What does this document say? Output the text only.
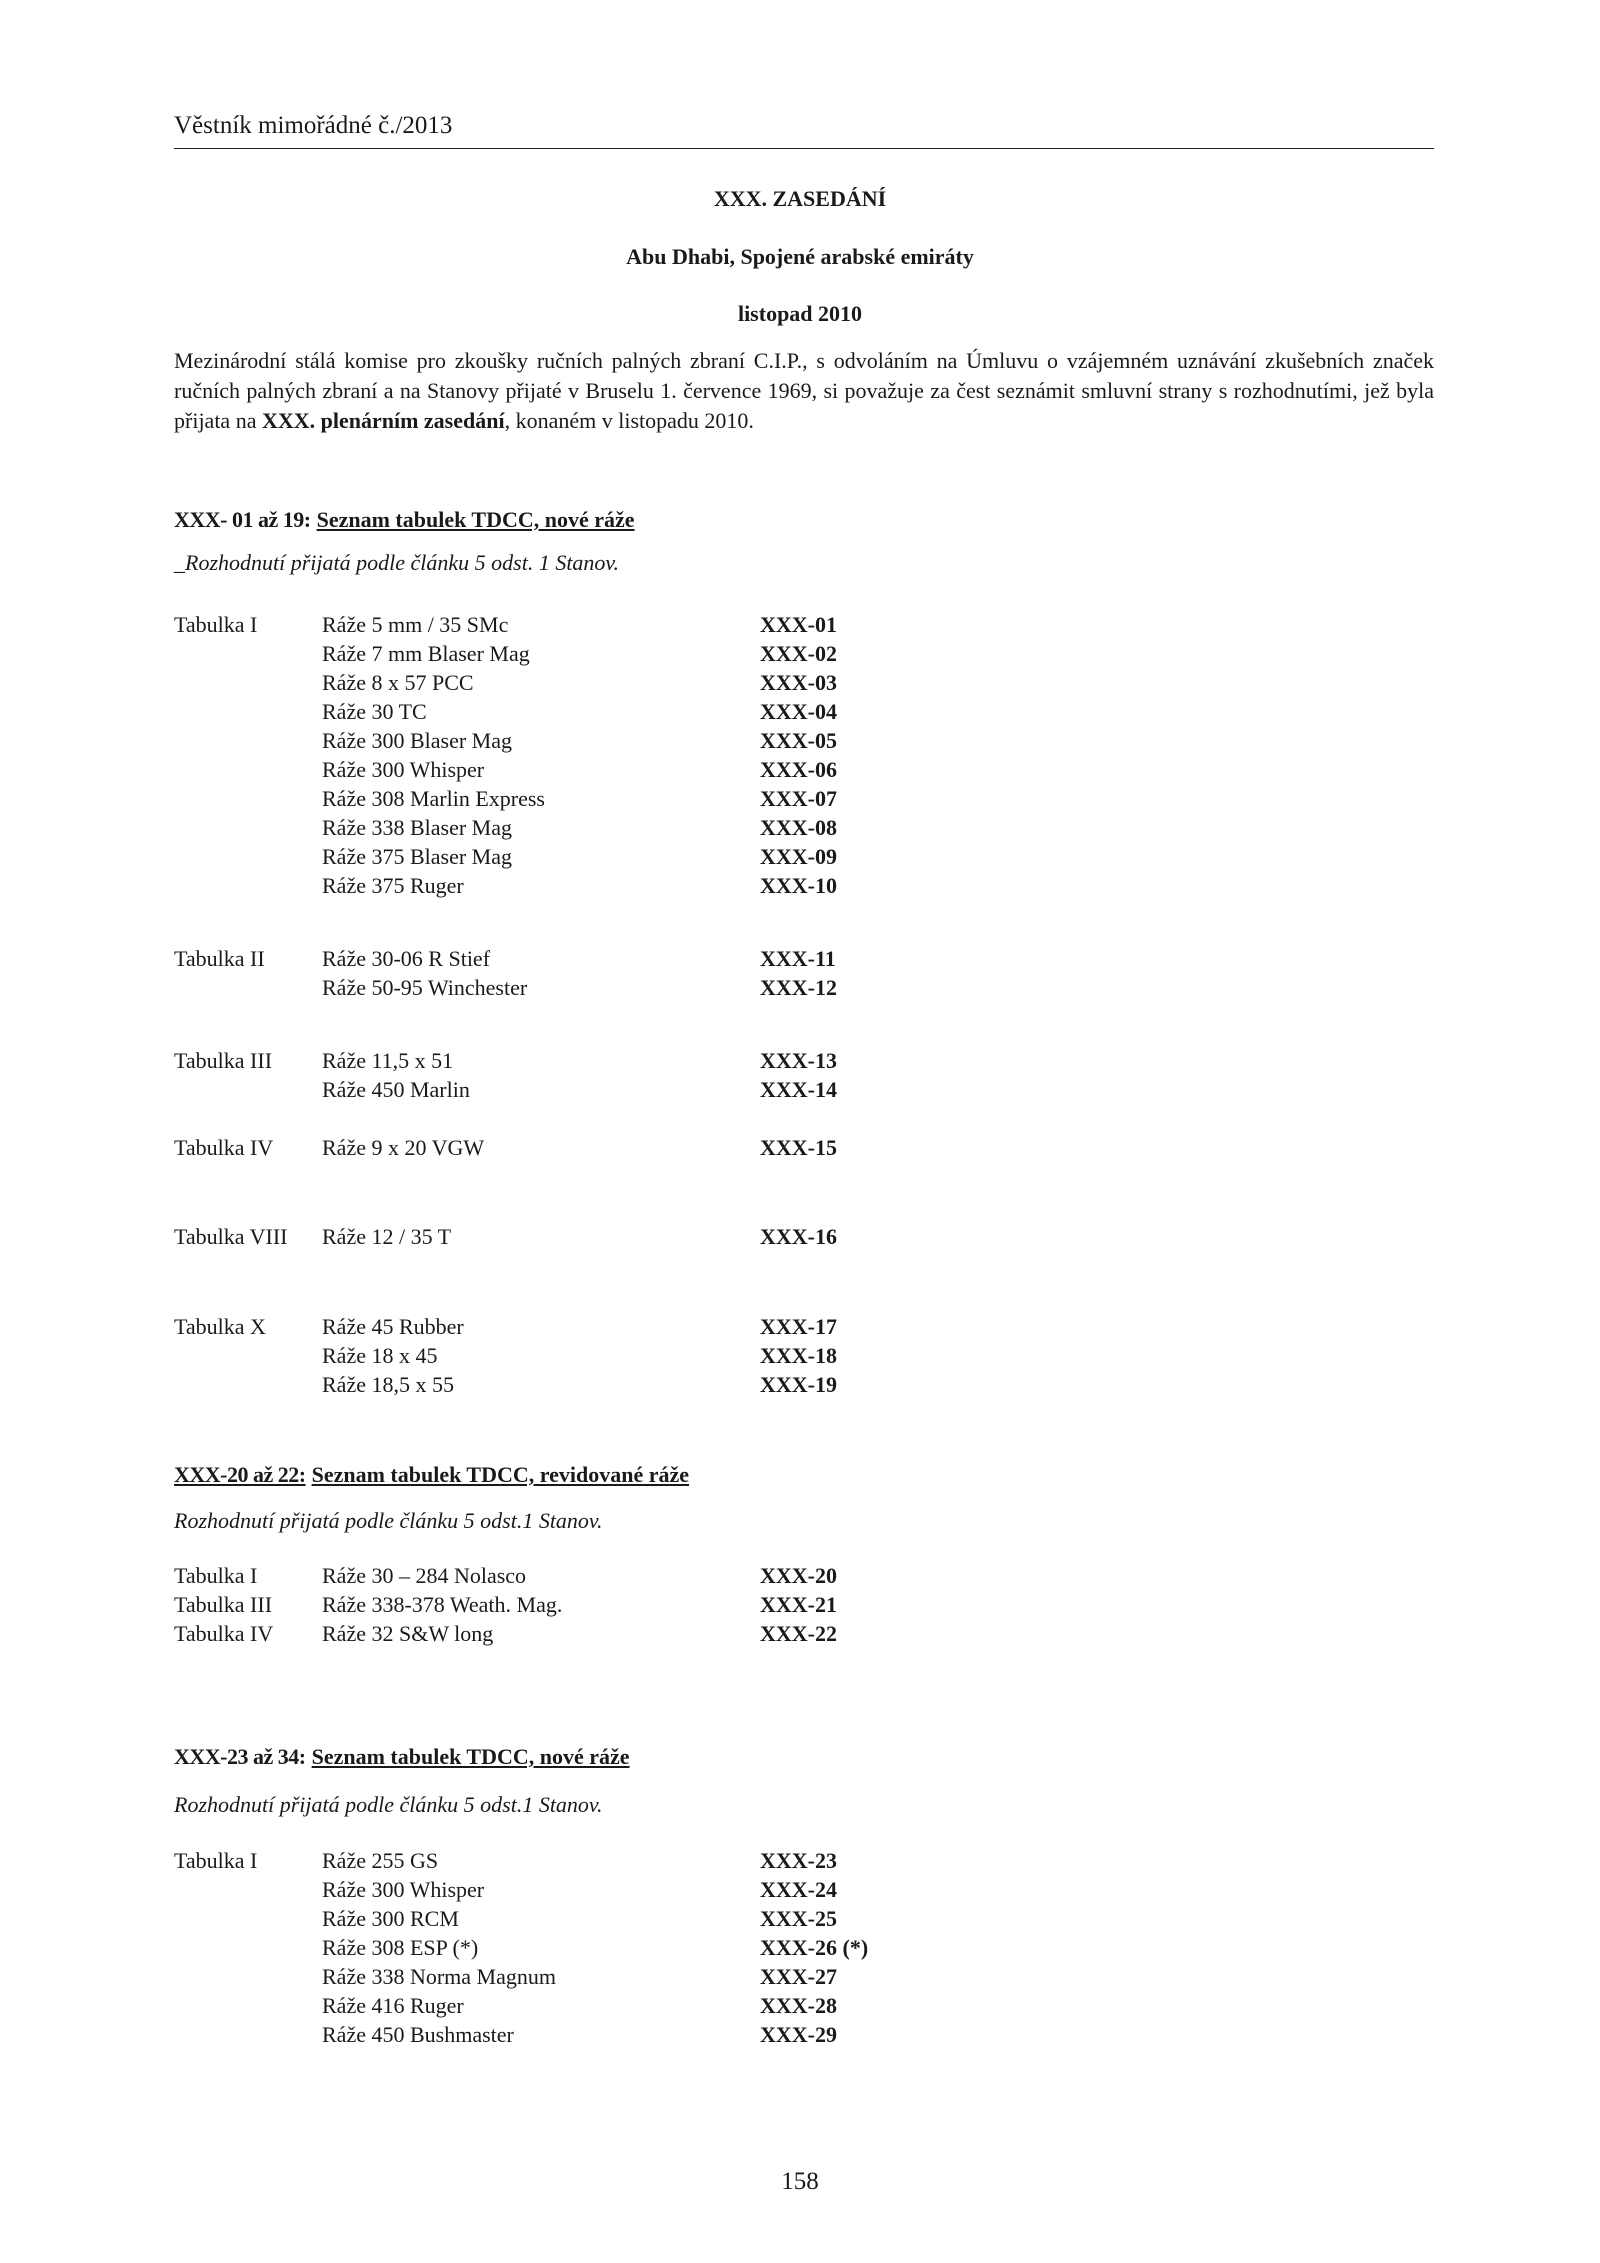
Věstník mimořádné č./2013
XXX. ZASEDÁNÍ
Abu Dhabi, Spojené arabské emiráty
listopad 2010
Mezinárodní stálá komise pro zkoušky ručních palných zbraní C.I.P., s odvoláním na Úmluvu o vzájemném uznávání zkušebních značek ručních palných zbraní a na Stanovy přijaté v Bruselu 1. července 1969, si považuje za čest seznámit smluvní strany s rozhodnutími, jež byla přijata na XXX. plenárním zasedání, konaném v listopadu 2010.
XXX- 01 až 19: Seznam tabulek TDCC, nové ráže
_Rozhodnutí přijatá podle článku 5 odst. 1 Stanov.
Tabulka I	Ráže 5 mm / 35 SMc	XXX-01
Ráže 7 mm Blaser Mag	XXX-02
Ráže 8 x 57 PCC	XXX-03
Ráže 30 TC	XXX-04
Ráže 300 Blaser Mag	XXX-05
Ráže 300 Whisper	XXX-06
Ráže 308 Marlin Express	XXX-07
Ráže 338 Blaser Mag	XXX-08
Ráže 375 Blaser Mag	XXX-09
Ráže 375 Ruger	XXX-10
Tabulka II	Ráže 30-06 R Stief	XXX-11
Ráže 50-95 Winchester	XXX-12
Tabulka III Ráže 11,5 x 51	XXX-13
Ráže 450 Marlin	XXX-14
Tabulka IV Ráže 9 x 20 VGW	XXX-15
Tabulka VIII Ráže 12 / 35 T	XXX-16
Tabulka X	Ráže 45 Rubber	XXX-17
Ráže 18 x 45	XXX-18
Ráže 18,5 x 55	XXX-19
XXX-20 až 22: Seznam tabulek TDCC, revidované ráže
Rozhodnutí přijatá podle článku 5 odst.1 Stanov.
Tabulka I	Ráže 30 – 284 Nolasco	XXX-20
Tabulka III Ráže 338-378 Weath. Mag.	XXX-21
Tabulka IV Ráže 32 S&W long	XXX-22
XXX-23 až 34: Seznam tabulek TDCC, nové ráže
Rozhodnutí přijatá podle článku 5 odst.1 Stanov.
Tabulka I	Ráže 255 GS	XXX-23
Ráže 300 Whisper	XXX-24
Ráže 300 RCM	XXX-25
Ráže 308 ESP (*)	XXX-26 (*)
Ráže 338 Norma Magnum	XXX-27
Ráže 416 Ruger	XXX-28
Ráže 450 Bushmaster	XXX-29
158
